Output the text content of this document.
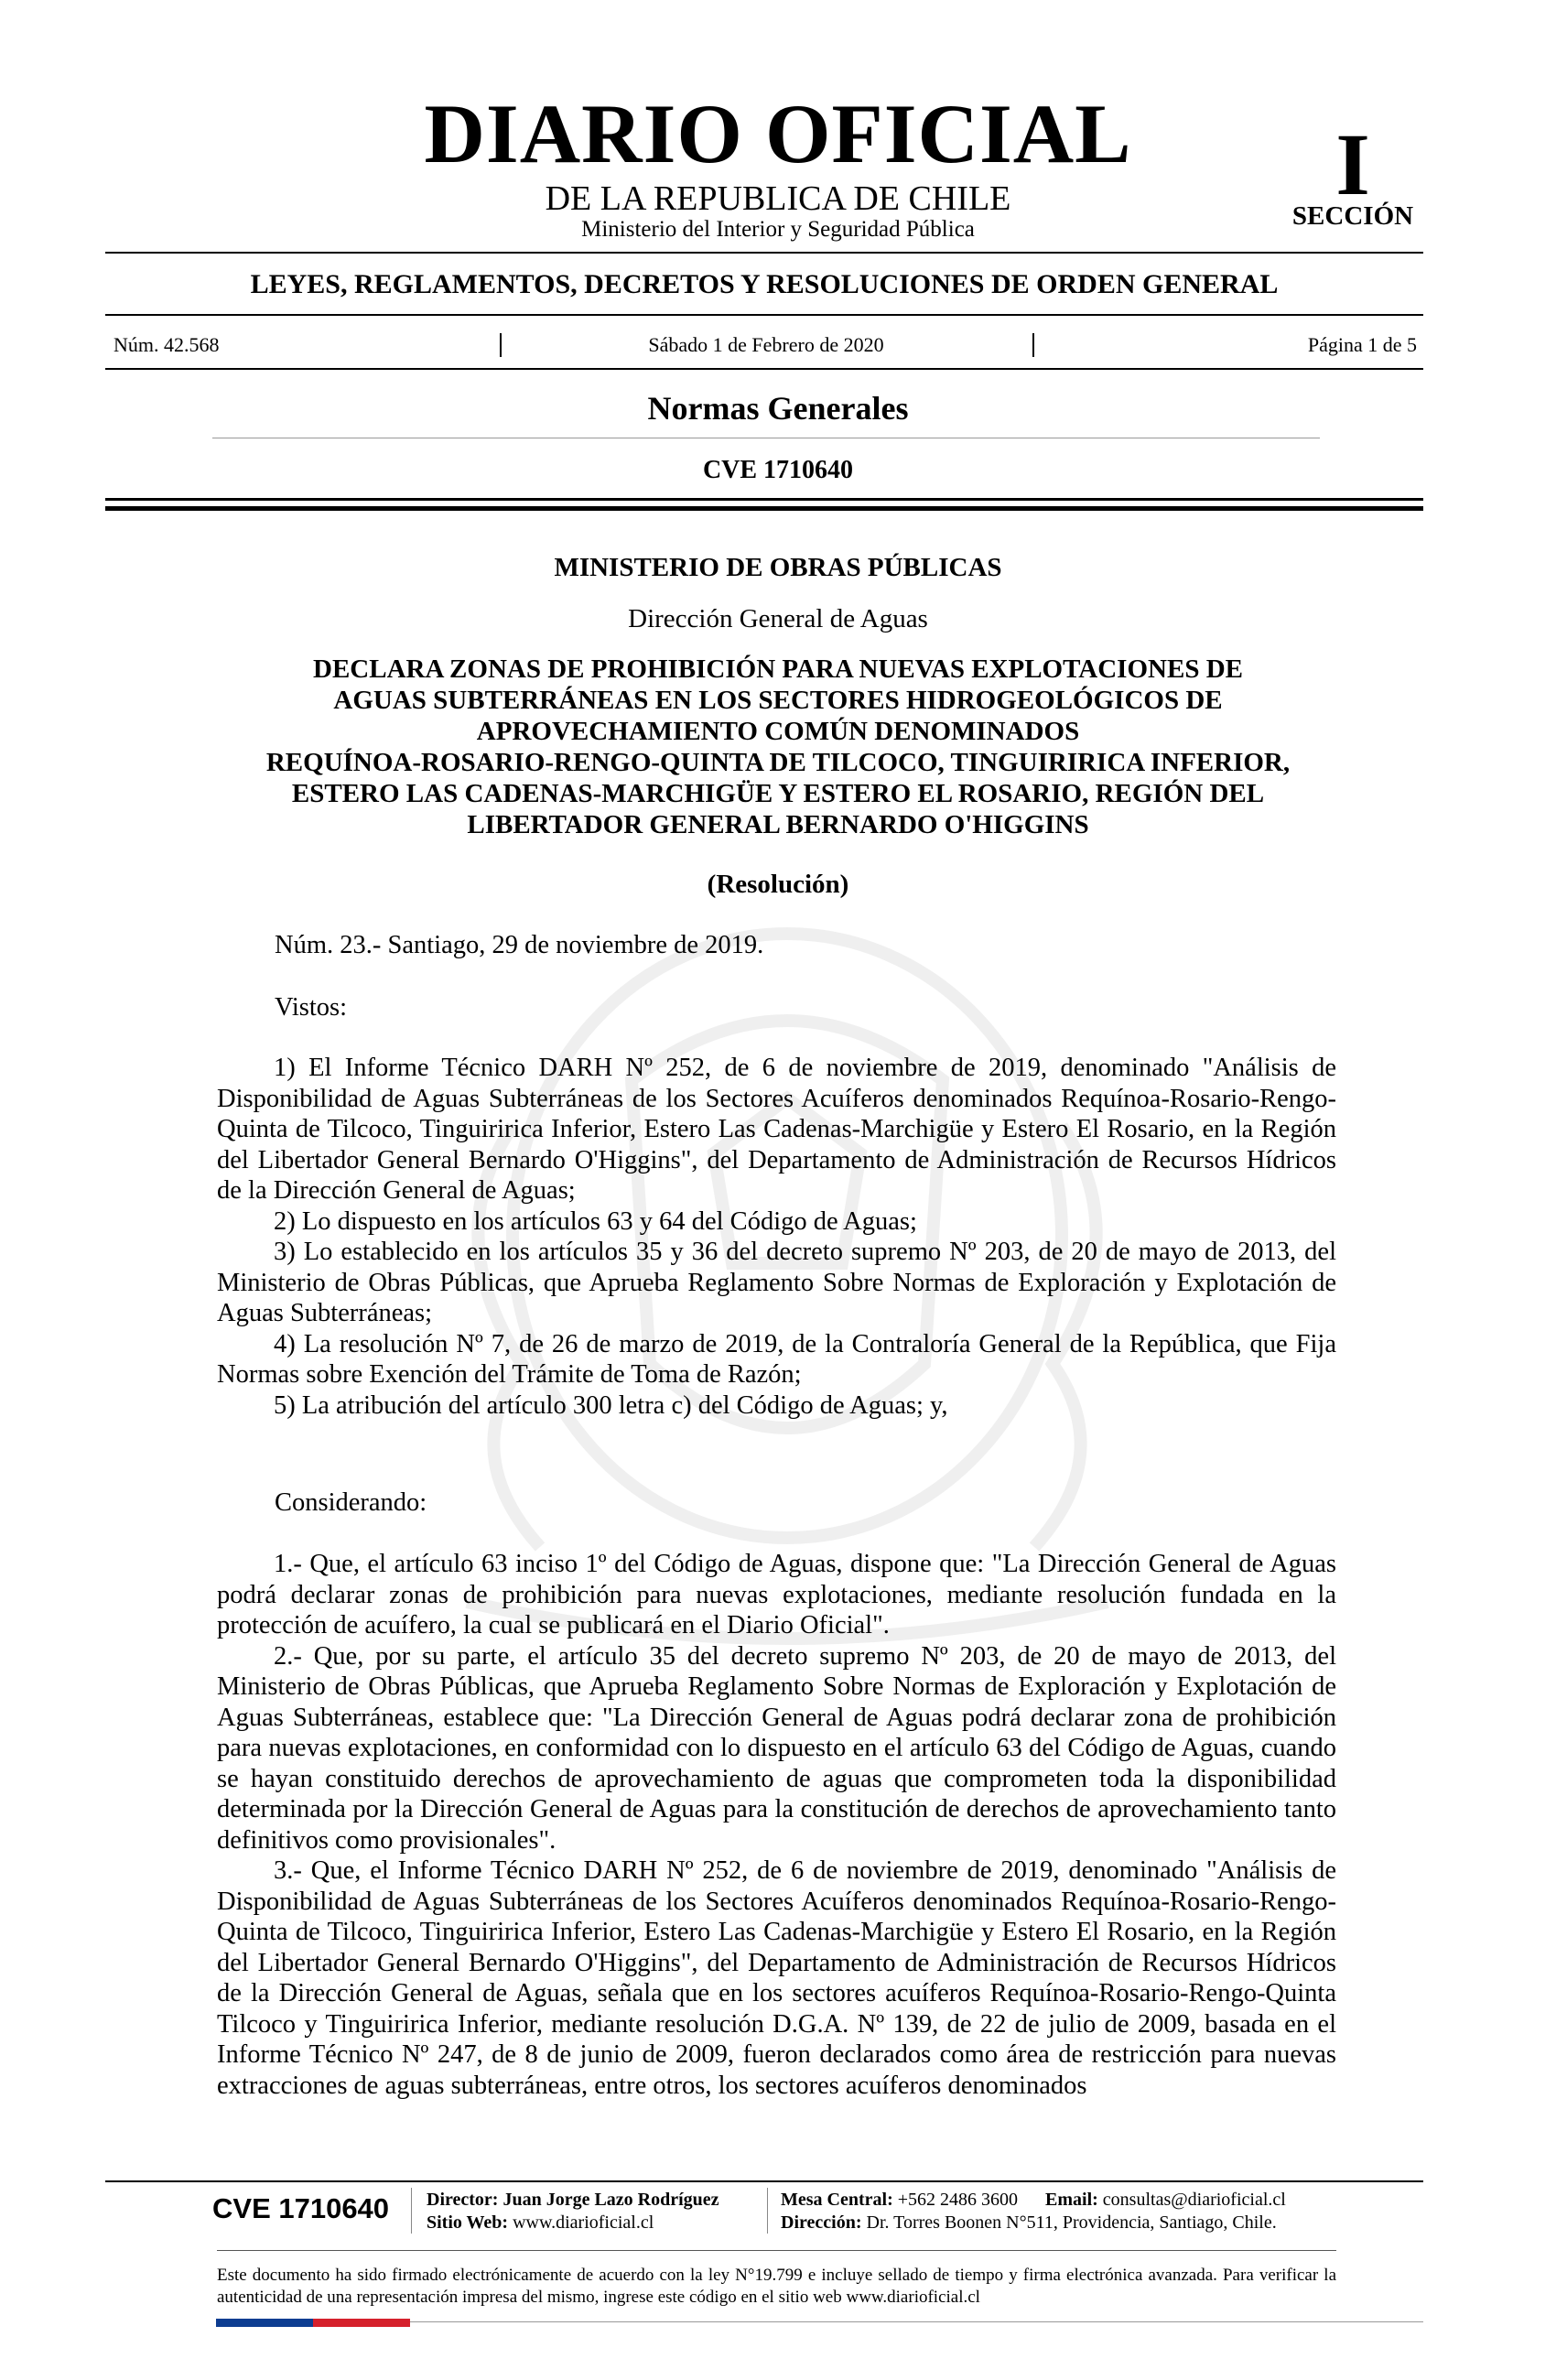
DIARIO OFICIAL
DE LA REPUBLICA DE CHILE
Ministerio del Interior y Seguridad Pública
I
SECCIÓN
LEYES, REGLAMENTOS, DECRETOS Y RESOLUCIONES DE ORDEN GENERAL
Núm. 42.568	Sábado 1 de Febrero de 2020	Página 1 de 5
Normas Generales
CVE 1710640
MINISTERIO DE OBRAS PÚBLICAS
Dirección General de Aguas
DECLARA ZONAS DE PROHIBICIÓN PARA NUEVAS EXPLOTACIONES DE
AGUAS SUBTERRÁNEAS EN LOS SECTORES HIDROGEOLÓGICOS DE
APROVECHAMIENTO COMÚN DENOMINADOS
REQUÍNOA-ROSARIO-RENGO-QUINTA DE TILCOCO, TINGUIRIRICA INFERIOR,
ESTERO LAS CADENAS-MARCHIGÜE Y ESTERO EL ROSARIO, REGIÓN DEL
LIBERTADOR GENERAL BERNARDO O'HIGGINS
(Resolución)
Núm. 23.- Santiago, 29 de noviembre de 2019.
Vistos:
1) El Informe Técnico DARH Nº 252, de 6 de noviembre de 2019, denominado "Análisis de Disponibilidad de Aguas Subterráneas de los Sectores Acuíferos denominados Requínoa-Rosario-Rengo-Quinta de Tilcoco, Tinguiririca Inferior, Estero Las Cadenas-Marchigüe y Estero El Rosario, en la Región del Libertador General Bernardo O'Higgins", del Departamento de Administración de Recursos Hídricos de la Dirección General de Aguas;
2) Lo dispuesto en los artículos 63 y 64 del Código de Aguas;
3) Lo establecido en los artículos 35 y 36 del decreto supremo Nº 203, de 20 de mayo de 2013, del Ministerio de Obras Públicas, que Aprueba Reglamento Sobre Normas de Exploración y Explotación de Aguas Subterráneas;
4) La resolución Nº 7, de 26 de marzo de 2019, de la Contraloría General de la República, que Fija Normas sobre Exención del Trámite de Toma de Razón;
5) La atribución del artículo 300 letra c) del Código de Aguas; y,
Considerando:
1.- Que, el artículo 63 inciso 1º del Código de Aguas, dispone que: "La Dirección General de Aguas podrá declarar zonas de prohibición para nuevas explotaciones, mediante resolución fundada en la protección de acuífero, la cual se publicará en el Diario Oficial".
2.- Que, por su parte, el artículo 35 del decreto supremo Nº 203, de 20 de mayo de 2013, del Ministerio de Obras Públicas, que Aprueba Reglamento Sobre Normas de Exploración y Explotación de Aguas Subterráneas, establece que: "La Dirección General de Aguas podrá declarar zona de prohibición para nuevas explotaciones, en conformidad con lo dispuesto en el artículo 63 del Código de Aguas, cuando se hayan constituido derechos de aprovechamiento de aguas que comprometen toda la disponibilidad determinada por la Dirección General de Aguas para la constitución de derechos de aprovechamiento tanto definitivos como provisionales".
3.- Que, el Informe Técnico DARH Nº 252, de 6 de noviembre de 2019, denominado "Análisis de Disponibilidad de Aguas Subterráneas de los Sectores Acuíferos denominados Requínoa-Rosario-Rengo-Quinta de Tilcoco, Tinguiririca Inferior, Estero Las Cadenas-Marchigüe y Estero El Rosario, en la Región del Libertador General Bernardo O'Higgins", del Departamento de Administración de Recursos Hídricos de la Dirección General de Aguas, señala que en los sectores acuíferos Requínoa-Rosario-Rengo-Quinta Tilcoco y Tinguiririca Inferior, mediante resolución D.G.A. Nº 139, de 22 de julio de 2009, basada en el Informe Técnico Nº 247, de 8 de junio de 2009, fueron declarados como área de restricción para nuevas extracciones de aguas subterráneas, entre otros, los sectores acuíferos denominados
CVE 1710640 Director: Juan Jorge Lazo Rodríguez
Sitio Web: www.diarioficial.cl
Mesa Central: +562 2486 3600 Email: consultas@diarioficial.cl
Dirección: Dr. Torres Boonen N°511, Providencia, Santiago, Chile.
Este documento ha sido firmado electrónicamente de acuerdo con la ley N°19.799 e incluye sellado de tiempo y firma electrónica avanzada. Para verificar la autenticidad de una representación impresa del mismo, ingrese este código en el sitio web www.diarioficial.cl
